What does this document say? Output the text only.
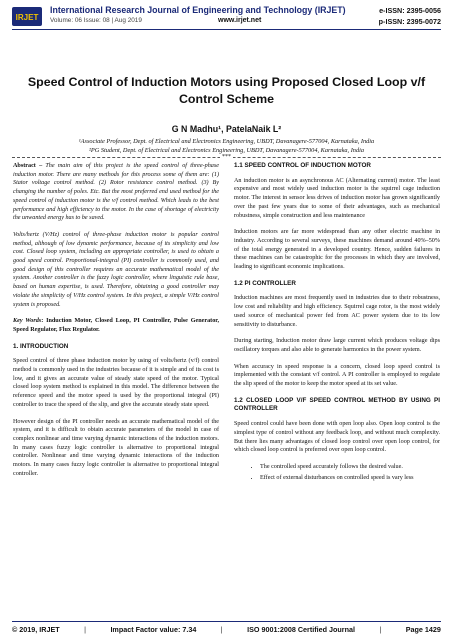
IRJET
International Research Journal of Engineering and Technology (IRJET)
Volume: 06 Issue: 08 | Aug 2019	www.irjet.net
e-ISSN: 2395-0056
p-ISSN: 2395-0072
Speed Control of Induction Motors using Proposed Closed Loop v/f
Control Scheme
G N Madhu¹, PatelaNaik L²
¹Associate Professor, Dept. of Electrical and Electronics Engineering, UBDT, Davanagere-577004, Karnataka, India
²PG Student, Dept. of Electrical and Electronics Engineering, UBDT, Davanagere-577004, Karnataka, India
***

Abstract – The main aim of this project is the speed control of three-phase induction motor. There are many methods for this process some of them are: (1) Stator voltage control method. (2) Rotor resistance control method. (3) By changing the number of poles. Etc. But the most preferred end used method for the speed control of induction motor is the v/f control method. Which leads to the best performance and high efficiency to the motor. In the case of shortage of electricity the unwanted energy has to be saved.

Volts/hertz (V/Hz) control of three-phase induction motor is popular control method, although of low dynamic performance, because of its simplicity and low cost. Closed loop system, including an appropriate controller, is used to obtain a good speed control. Proportional-integral (PI) controller is commonly used, and good design of this controller requires an accurate mathematical model of the system. Another controller is the fuzzy logic controller, where linguistic rule base, based on human expertise, is used. Therefore, obtaining a good controller may violate the simplicity of V/Hz control system. In this project, a simple V/Hz control system is proposed.

Key Words: Induction Motor, Closed Loop, PI Controller, Pulse Generator, Speed Regulator, Flux Regulator.

1. INTRODUCTION

Speed control of three phase induction motor by using of volts/hertz (v/f) control method is commonly used in the industries because of it is simple and of its cost is low, and it gives an accurate value of steady state speed of the motor. Typical closed loop system method is explained in this model. The difference between the reference speed and the motor speed is used by the proportional integral (PI) controller to trace the speed of the slip, and give the accurate steady state speed.

However design of the PI controller needs an accurate mathematical model of the system, and it is difficult to obtain accurate parameters of the model in case of complex nonlinear and time varying dynamic interactions of the induction motors. In many cases fuzzy logic controller is alternative to proportional integral controller. Nonlinear and time varying dynamic interactions of the induction motors. In many cases fuzzy logic controller is alternative to proportional integral controller.

1.1 SPEED CONTROL OF INDUCTION MOTOR

An induction motor is an asynchronous AC (Alternating current) motor. The least expensive and most widely used induction motor is the squirrel cage induction motor. The interest in sensor less drives of induction motor has grown significantly over the past few years due to some of their advantages, such as mechanical robustness, simple construction and less maintenance

Induction motors are far more widespread than any other electric machine in industry. According to several surveys, these machines demand around 40%–50% of the total energy generated in a developed country. Hence, sudden failures in these machines can be catastrophic for the processes in which they are involved, leading to significant economic implications.

1.2 PI CONTROLLER

Induction machines are most frequently used in industries due to their robustness, low cost and reliability and high efficiency. Squirrel cage rotor, is the most widely used source of mechanical power fed from AC power system due to its low sensitivity to disturbance.

During starting, Induction motor draw large current which produces voltage dips oscillatory torques and also able to generate harmonics in the power system.

When accuracy in speed response is a concern, closed loop speed control is implemented with the constant v/f control. A PI controller is employed to regulate the slip speed of the motor to keep the motor speed at its set value.

1.2 CLOSED LOOP V/F SPEED CONTROL METHOD BY USING PI CONTROLLER

Speed control could have been done with open loop also. Open loop control is the simplest type of control without any feedback loop, and without much complexity. But there lies many advantages of closed loop control over open loop control, for which closed loop control is preferred over open loop control.

• The controlled speed accurately follows the desired value.
• Effect of external disturbances on controlled speed is vary less
© 2019, IRJET	|	Impact Factor value: 7.34	|	ISO 9001:2008 Certified Journal	|	Page 1429
